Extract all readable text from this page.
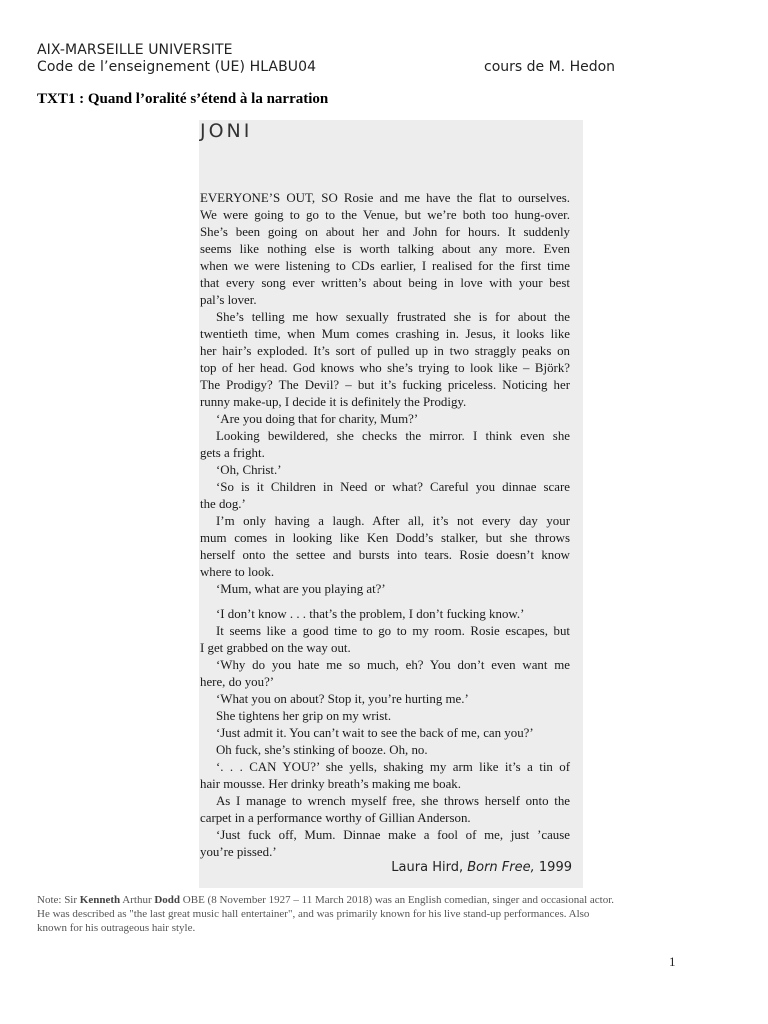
AIX-MARSEILLE UNIVERSITE
Code de l’enseignement (UE) HLABU04	cours de M. Hedon
TXT1 : Quand l’oralité s’étend à la narration
JONI
EVERYONE’S OUT, SO Rosie and me have the flat to ourselves.
We were going to go to the Venue, but we’re both too hung-over.
She’s been going on about her and John for hours. It suddenly
seems like nothing else is worth talking about any more. Even
when we were listening to CDs earlier, I realised for the first time
that every song ever written’s about being in love with your best
pal’s lover.
She’s telling me how sexually frustrated she is for about the
twentieth time, when Mum comes crashing in. Jesus, it looks like
her hair’s exploded. It’s sort of pulled up in two straggly peaks on
top of her head. God knows who she’s trying to look like – Björk?
The Prodigy? The Devil? – but it’s fucking priceless. Noticing her
runny make-up, I decide it is definitely the Prodigy.
‘Are you doing that for charity, Mum?’
Looking bewildered, she checks the mirror. I think even she
gets a fright.
‘Oh, Christ.’
‘So is it Children in Need or what? Careful you dinnae scare
the dog.’
I’m only having a laugh. After all, it’s not every day your
mum comes in looking like Ken Dodd’s stalker, but she throws
herself onto the settee and bursts into tears. Rosie doesn’t know
where to look.
‘Mum, what are you playing at?’
‘I don’t know . . . that’s the problem, I don’t fucking know.’
It seems like a good time to go to my room. Rosie escapes, but
I get grabbed on the way out.
‘Why do you hate me so much, eh? You don’t even want me
here, do you?’
‘What you on about? Stop it, you’re hurting me.’
She tightens her grip on my wrist.
‘Just admit it. You can’t wait to see the back of me, can you?’
Oh fuck, she’s stinking of booze. Oh, no.
‘. . . CAN YOU?’ she yells, shaking my arm like it’s a tin of
hair mousse. Her drinky breath’s making me boak.
As I manage to wrench myself free, she throws herself onto the
carpet in a performance worthy of Gillian Anderson.
‘Just fuck off, Mum. Dinnae make a fool of me, just ’cause
you’re pissed.’
Laura Hird, Born Free, 1999
Note: Sir Kenneth Arthur Dodd OBE (8 November 1927 – 11 March 2018) was an English comedian, singer and occasional actor. He was described as "the last great music hall entertainer", and was primarily known for his live stand-up performances. Also known for his outrageous hair style.
1
